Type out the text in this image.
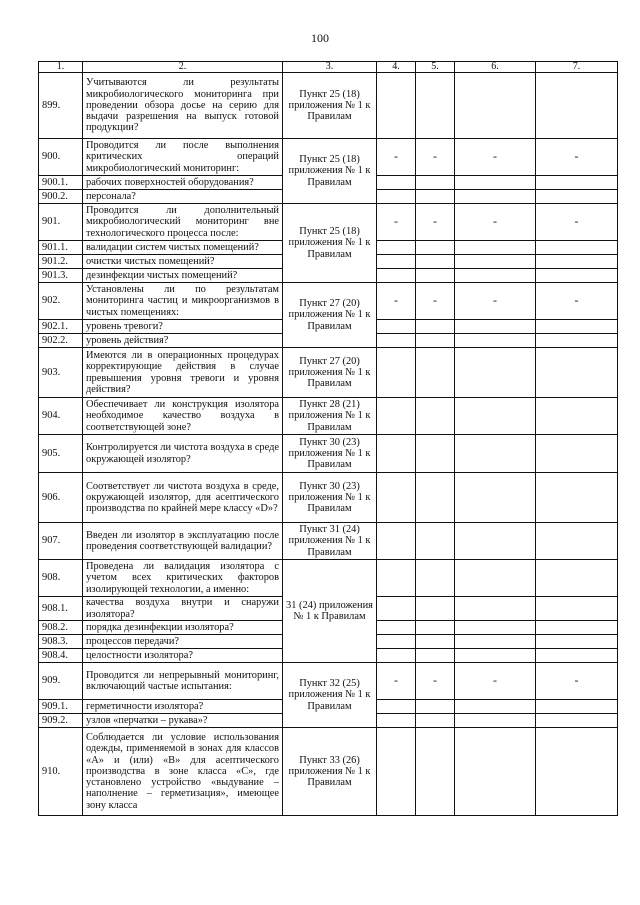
100
1.	2.	3.	4.	5.	6.	7.
899.	Учитываются ли результаты микробиологического мониторинга при проведении обзора досье на серию для выдачи разрешения на выпуск готовой продукции?	Пункт 25 (18) приложения № 1 к Правилам				
900.	Проводится ли после выполнения критических операций микробиологический мониторинг:	Пункт 25 (18) приложения № 1 к Правилам	-	-	-	-
900.1.	рабочих поверхностей оборудования?					
900.2.	персонала?					
901.	Проводится ли дополнительный микробиологический мониторинг вне технологического процесса после:	Пункт 25 (18) приложения № 1 к Правилам	-	-	-	-
901.1.	валидации систем чистых помещений?					
901.2.	очистки чистых помещений?					
901.3.	дезинфекции чистых помещений?					
902.	Установлены ли по результатам мониторинга частиц и микроорганизмов в чистых помещениях:	Пункт 27 (20) приложения № 1 к Правилам	-	-	-	-
902.1.	уровень тревоги?					
902.2.	уровень действия?					
903.	Имеются ли в операционных процедурах корректирующие действия в случае превышения уровня тревоги и уровня действия?	Пункт 27 (20) приложения № 1 к Правилам				
904.	Обеспечивает ли конструкция изолятора необходимое качество воздуха в соответствующей зоне?	Пункт 28 (21) приложения № 1 к Правилам				
905.	Контролируется ли чистота воздуха в среде окружающей изолятор?	Пункт 30 (23) приложения № 1 к Правилам				
906.	Соответствует ли чистота воздуха в среде, окружающей изолятор, для асептического производства по крайней мере классу «D»?	Пункт 30 (23) приложения № 1 к Правилам				
907.	Введен ли изолятор в эксплуатацию после проведения соответствующей валидации?	Пункт 31 (24) приложения № 1 к Правилам				
908.	Проведена ли валидация изолятора с учетом всех критических факторов изолирующей технологии, а именно:	31 (24) приложения № 1 к Правилам				
908.1.	качества воздуха внутри и снаружи изолятора?					
908.2.	порядка дезинфекции изолятора?					
908.3.	процессов передачи?					
908.4.	целостности изолятора?					
909.	Проводится ли непрерывный мониторинг, включающий частые испытания:	Пункт 32 (25) приложения № 1 к Правилам	-	-	-	-
909.1.	герметичности изолятора?					
909.2.	узлов «перчатки – рукава»?					
910.	Соблюдается ли условие использования одежды, применяемой в зонах для классов «А» и (или) «В» для асептического производства в зоне класса «С», где установлено устройство «выдувание – наполнение – герметизация», имеющее зону класса	Пункт 33 (26) приложения № 1 к Правилам				
